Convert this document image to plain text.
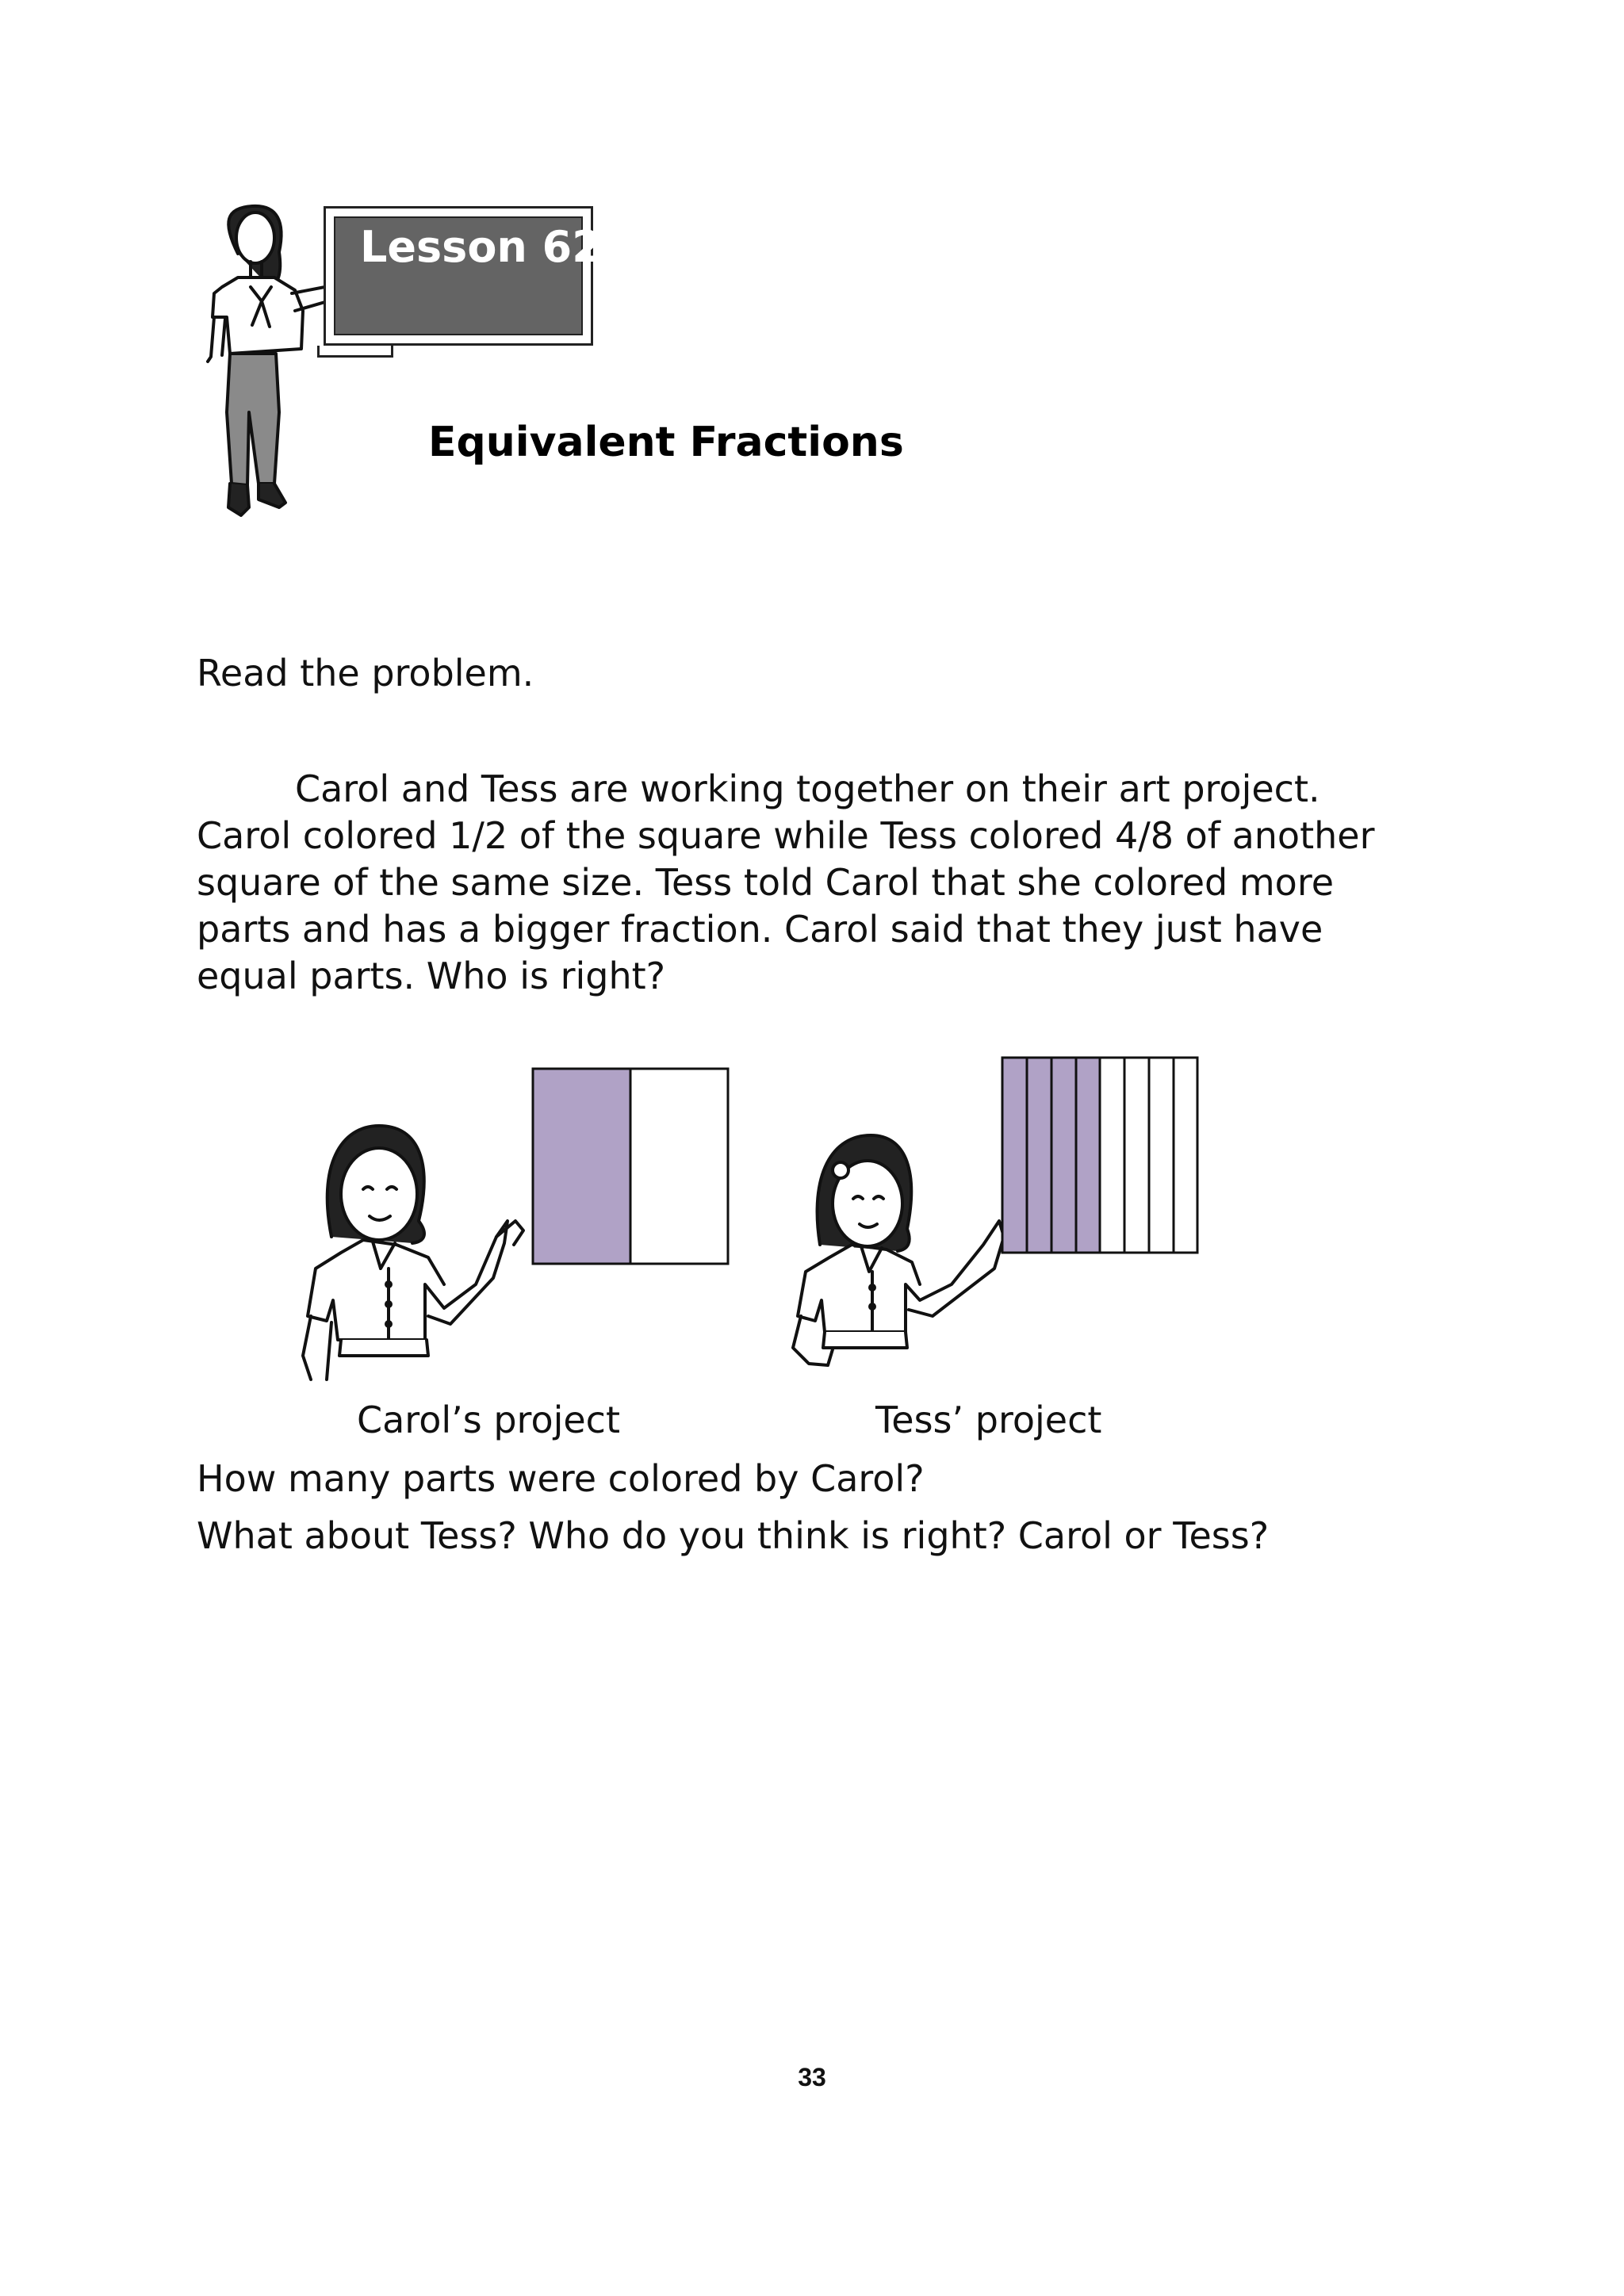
Lesson 62
Equivalent Fractions
Read the problem.
Carol and Tess are working together on their art project.
Carol colored 1/2 of the square while Tess colored 4/8 of another
square of the same size. Tess told Carol that she colored more
parts and has a bigger fraction. Carol said that they just have
equal parts. Who is right?
Carol’s project	Tess’ project
How many parts were colored by Carol?
What about Tess? Who do you think is right? Carol or Tess?
33
